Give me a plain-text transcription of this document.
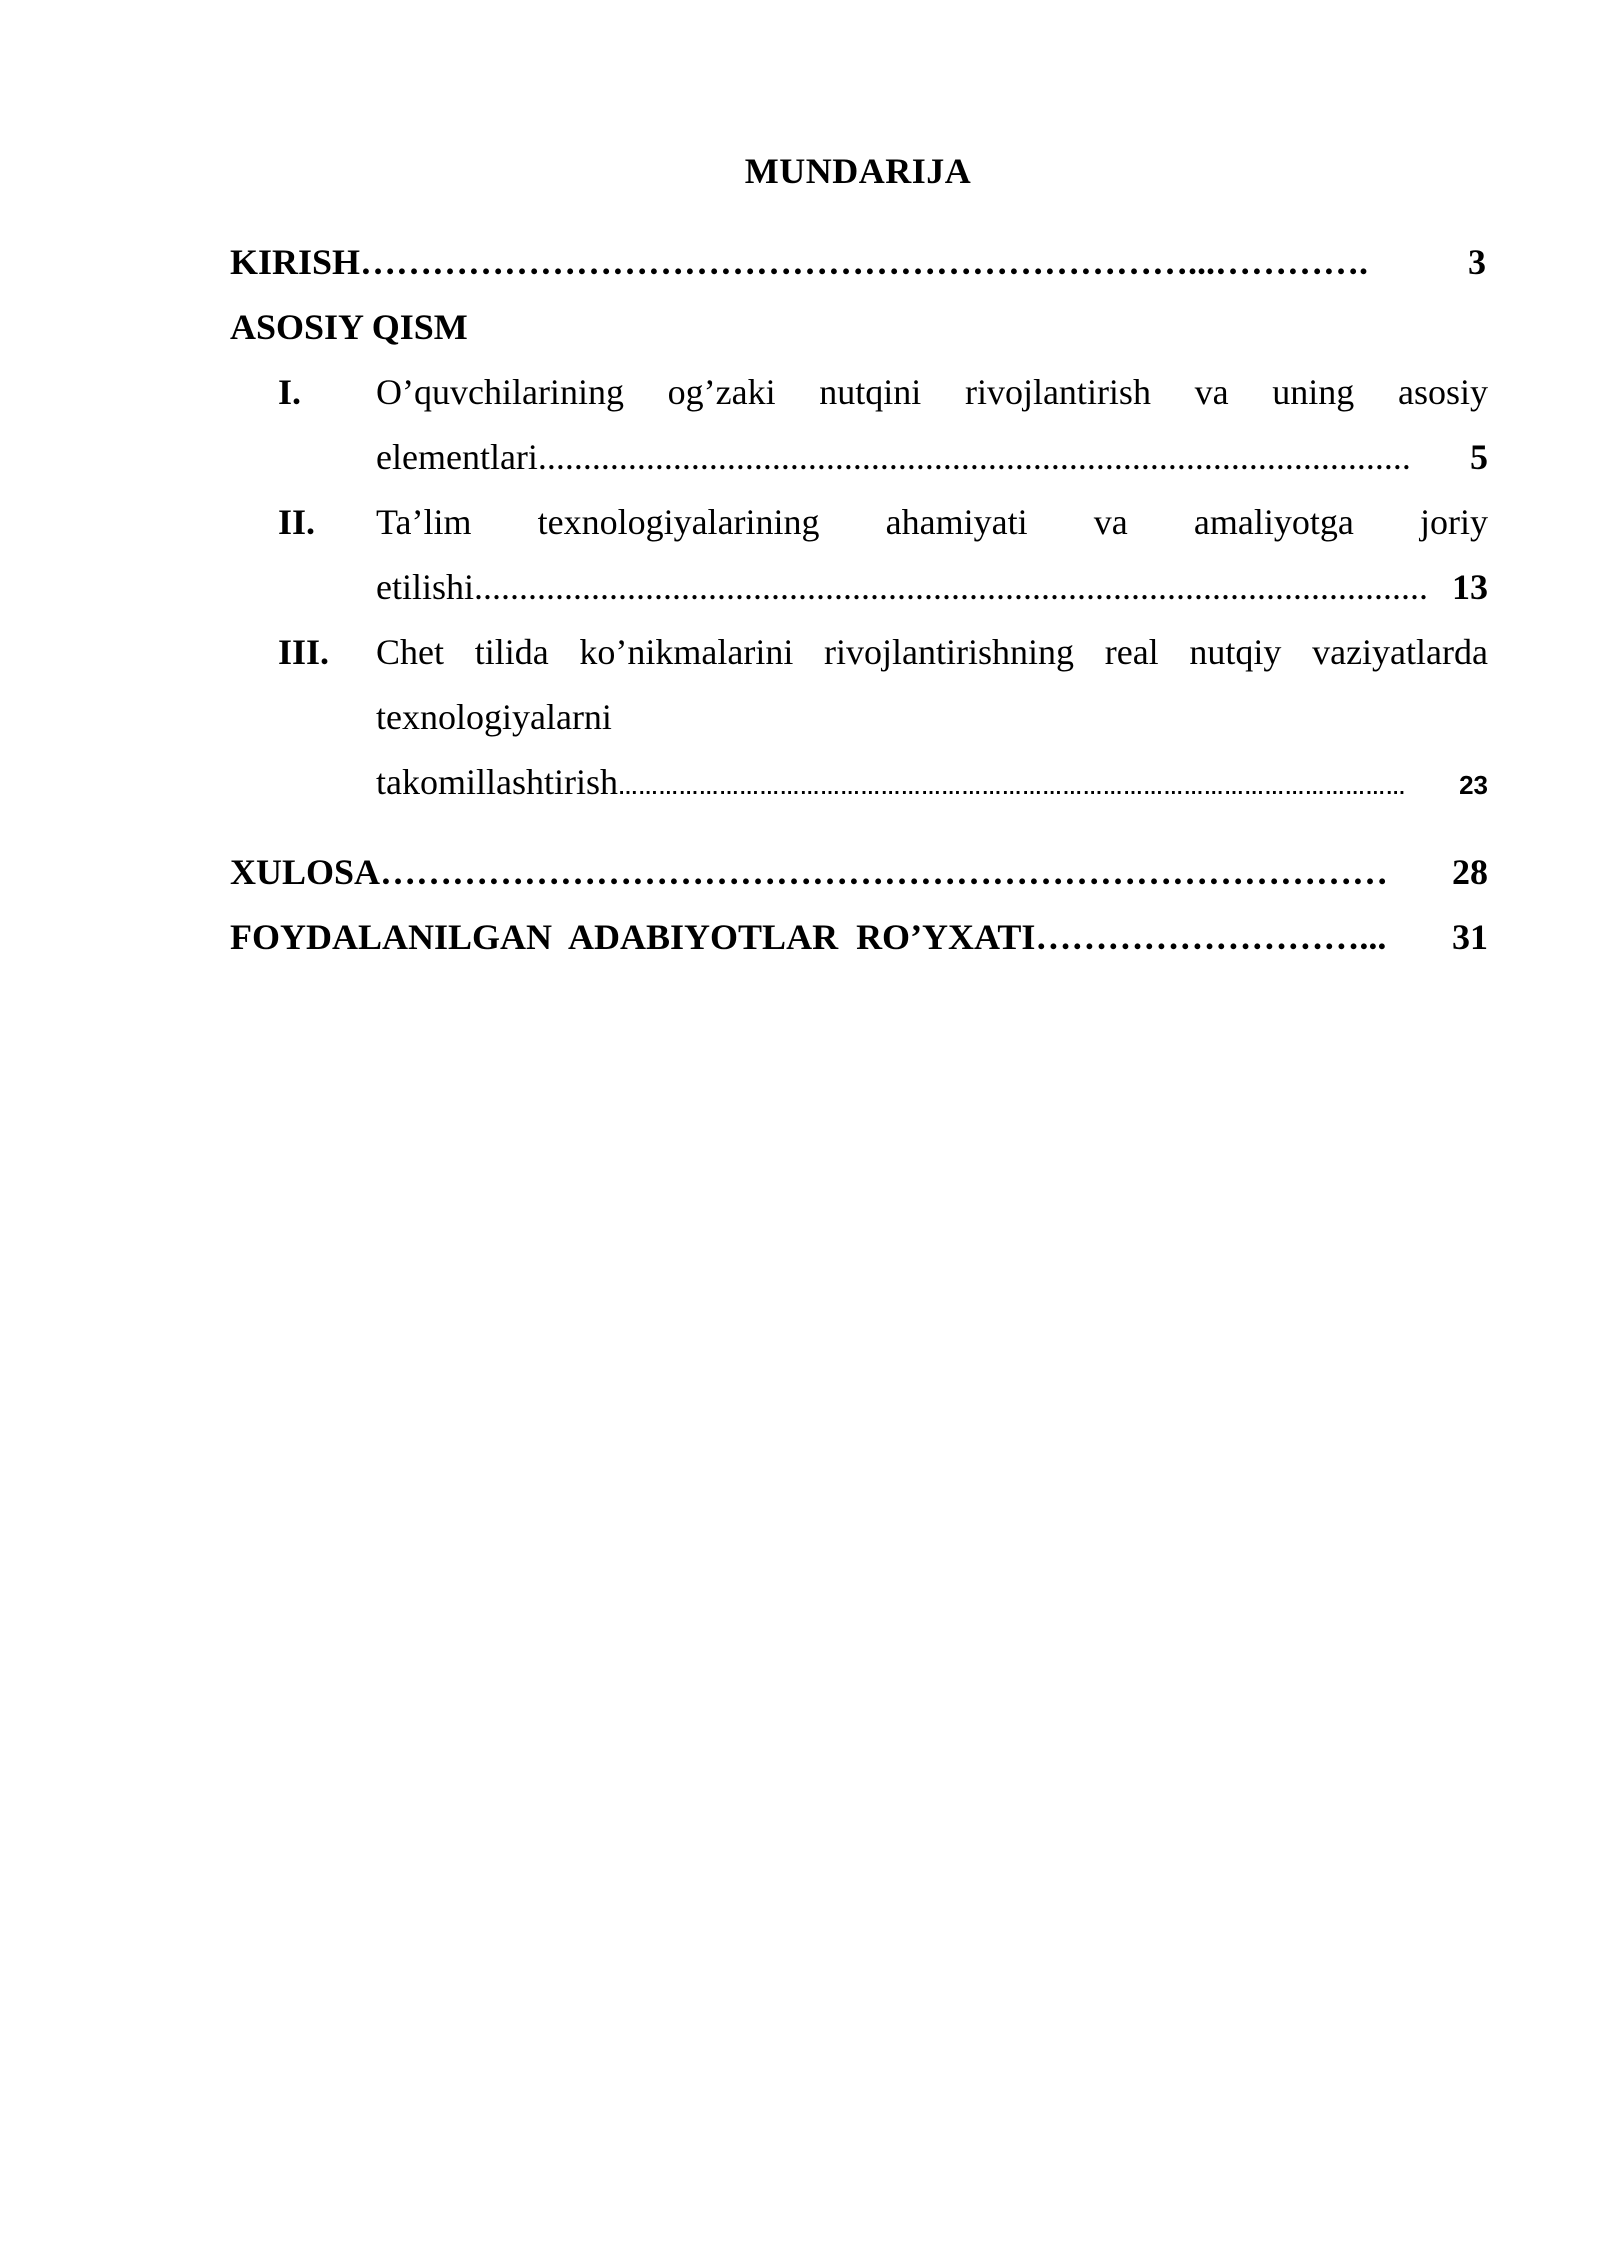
MUNDARIJA
KIRISH ……………………………………………………………...………….	3
ASOSIY QISM
I. O’quvchilarining og’zaki nutqini rivojlantirish va uning asosiy
elementlari .................................................................................................	5
II. Ta’lim texnologiyalarining ahamiyati va amaliyotga joriy
etilishi .......................................................................................................... 13
III. Chet tilida ko’nikmalarini rivojlantirishning real nutqiy vaziyatlarda
texnologiyalarni
takomillashtirish ………………………………………………………………………………………………………	23
XULOSA …………………………………………………………………………	28
FOYDALANILGAN  ADABIYOTLAR  RO’YXATI ………………………...	31
